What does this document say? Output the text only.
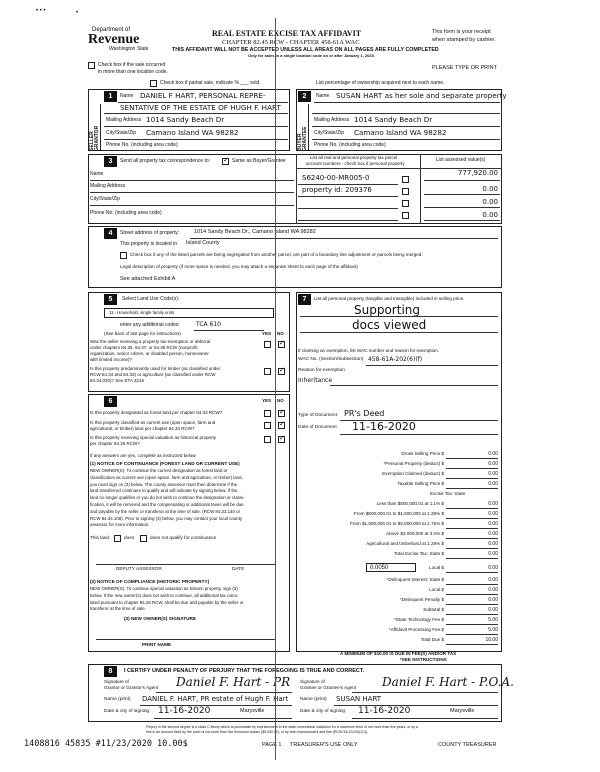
• • •	•
Department of
Revenue
Washington State
REAL ESTATE EXCISE TAX AFFIDAVIT
CHAPTER 82.45 RCW - CHAPTER 458-61A WAC
THIS AFFIDAVIT WILL NOT BE ACCEPTED UNLESS ALL AREAS ON ALL PAGES ARE FULLY COMPLETED
Only for sales in a single location code on or after January 1, 2020.
This form is your receipt
when stamped by cashier.
PLEASE TYPE OR PRINT
Check box if the sale occurred
in more than one location code.
Check box if partial sale, indicate % ___ sold.	List percentage of ownership acquired next to each name.
1
SELLER GRANTOR
Name DANIEL F HART, PERSONAL REPRE-
SENTATIVE OF THE ESTATE OF HUGH F. HART
Mailing Address 1014 Sandy Beach Dr
City/State/Zip Camano Island WA 98282
Phone No. (including area code)
2
BUYER GRANTEE
Name SUSAN HART as her sole and separate property
Mailing Address 1014 Sandy Beach Dr
City/State/Zip Camano Island WA 98282
Phone No. (including area code)
3	Send all property tax correspondence to:
✓	Same as Buyer/Grantee
Name
Mailing Address
City/State/Zip
Phone No. (including area code)
List all real and personal property tax parcel
account numbers - check box if personal property
List assessed value(s)
S6240-00-MR005-0
777,920.00
property id: 209376	0.00
0.00
0.00
4	Street address of property:	1014 Sandy Beach Dr., Camano Island WA 98282
This property is located in Island County
Check box if any of the listed parcels are being segregated from another parcel, are part of a boundary line adjustment or parcels being merged.
Legal description of property (if more space is needed, you may attach a separate sheet to each page of the affidavit)
See attached Exhibit A
5	Select Land Use Code(s):
11 - Household, single family units
enter any additional codes:	TCA 610
(See back of last page for instructions)	YES NO
Was the seller receiving a property tax exemption or deferral
under chapters 84.36, 84.37, or 84.38 RCW (nonprofit
organization, senior citizen, or disabled person, homeowner
with limited income)?
✓
Is this property predominantly used for timber (as classified under
RCW 84.34 and 84.33) or agriculture (as classified under RCW
84.34.020)? See ETA 3215
✓
6	YES NO
Is this property designated as forest land per chapter 84.33 RCW?
✓
Is this property classified as current use (open space, farm and
agricultural, or timber) land per chapter 84.34 RCW?
✓
Is this property receiving special valuation as historical property
per chapter 84.26 RCW?
✓
If any answers are yes, complete as instructed below.
(1) NOTICE OF CONTINUANCE (FOREST LAND OR CURRENT USE)
NEW OWNER(S): To continue the current designation as forest land or
classification as current use (open space, farm and agriculture, or timber) land,
you must sign on (3) below. The county assessor must then determine if the
land transferred continues to qualify and will indicate by signing below. If the
land no longer qualifies or you do not wish to continue the designation or classi-
fication, it will be removed and the compensating or additional taxes will be due
and payable by the seller or transferor at the time of sale. (RCW 84.33.140 or
RCW 84.34.108). Prior to signing (3) below, you may contact your local county
assessor for more information.
This land	does	does not qualify for continuance
DEPUTY ASSESSOR	DATE
(2) NOTICE OF COMPLIANCE (HISTORIC PROPERTY)
NEW OWNER(S): To continue special valuation as historic property, sign (3)
below. If the new owner(s) does not wish to continue, all additional tax calcu-
lated pursuant to chapter 84.26 RCW, shall be due and payable by the seller or
transferor at the time of sale.
(3) NEW OWNER(S) SIGNATURE
PRINT NAME
7	List all personal property (tangible and intangible) included in selling price.
Supporting
docs viewed
If claiming an exemption, list WAC number and reason for exemption.
WAC No. (Section/Subsection) 458-61A-202(6)(f)
Reason for exemption
Inheritance
Type of Document PR's Deed
Date of Document 11-16-2020
Gross Selling Price $	0.00
*Personal Property (deduct) $	0.00
Exemption Claimed (deduct) $	0.00
Taxable Selling Price $	0.00
Excise Tax: State
Less than $500,000.01 at 1.1% $	0.00
From $500,000.01 to $1,500,000 at 1.28% $	0.00
From $1,500,000.01 to $3,000,000 at 2.75% $	0.00
Above $3,000,000 at 3.0% $	0.00
Agricultural and timberland at 1.28% $	0.00
Total Excise Tax: State $	0.00
0.0050	Local $	0.00
*Delinquent Interest: State $	0.00
Local $	0.00
*Delinquent Penalty $	0.00
Subtotal $	0.00
*State Technology Fee $	5.00
*Affidavit Processing Fee $	5.00
Total Due $	10.00
A MINIMUM OF $10.00 IS DUE IN FEE(S) AND/OR TAX
*SEE INSTRUCTIONS
8	I CERTIFY UNDER PENALTY OF PERJURY THAT THE FOREGOING IS TRUE AND CORRECT.
Signature of
Grantor or Grantor's Agent Daniel F. Hart - PR Signature of
Grantee or Grantee's Agent Daniel F. Hart - P.O.A.
Name (print) DANIEL F. HART, PR estate of Hugh F. Hart Name (print) SUSAN HART
Date & city of signing 11-16-2020	Marysville	Date & city of signing 11-16-2020	Marysville
Perjury in the second degree is a class C felony which is punishable by imprisonment in the state correctional institution for a maximum term of not more than five years, or by a
fine in an amount fixed by the court of not more than five thousand dollars ($5,000.00), or by both imprisonment and fine (RCW 9A.20.020(1C)).
1408816 45835 #11/23/2020 10.00$	PAGE 1 TREASURER'S USE ONLY	COUNTY TREASURER
